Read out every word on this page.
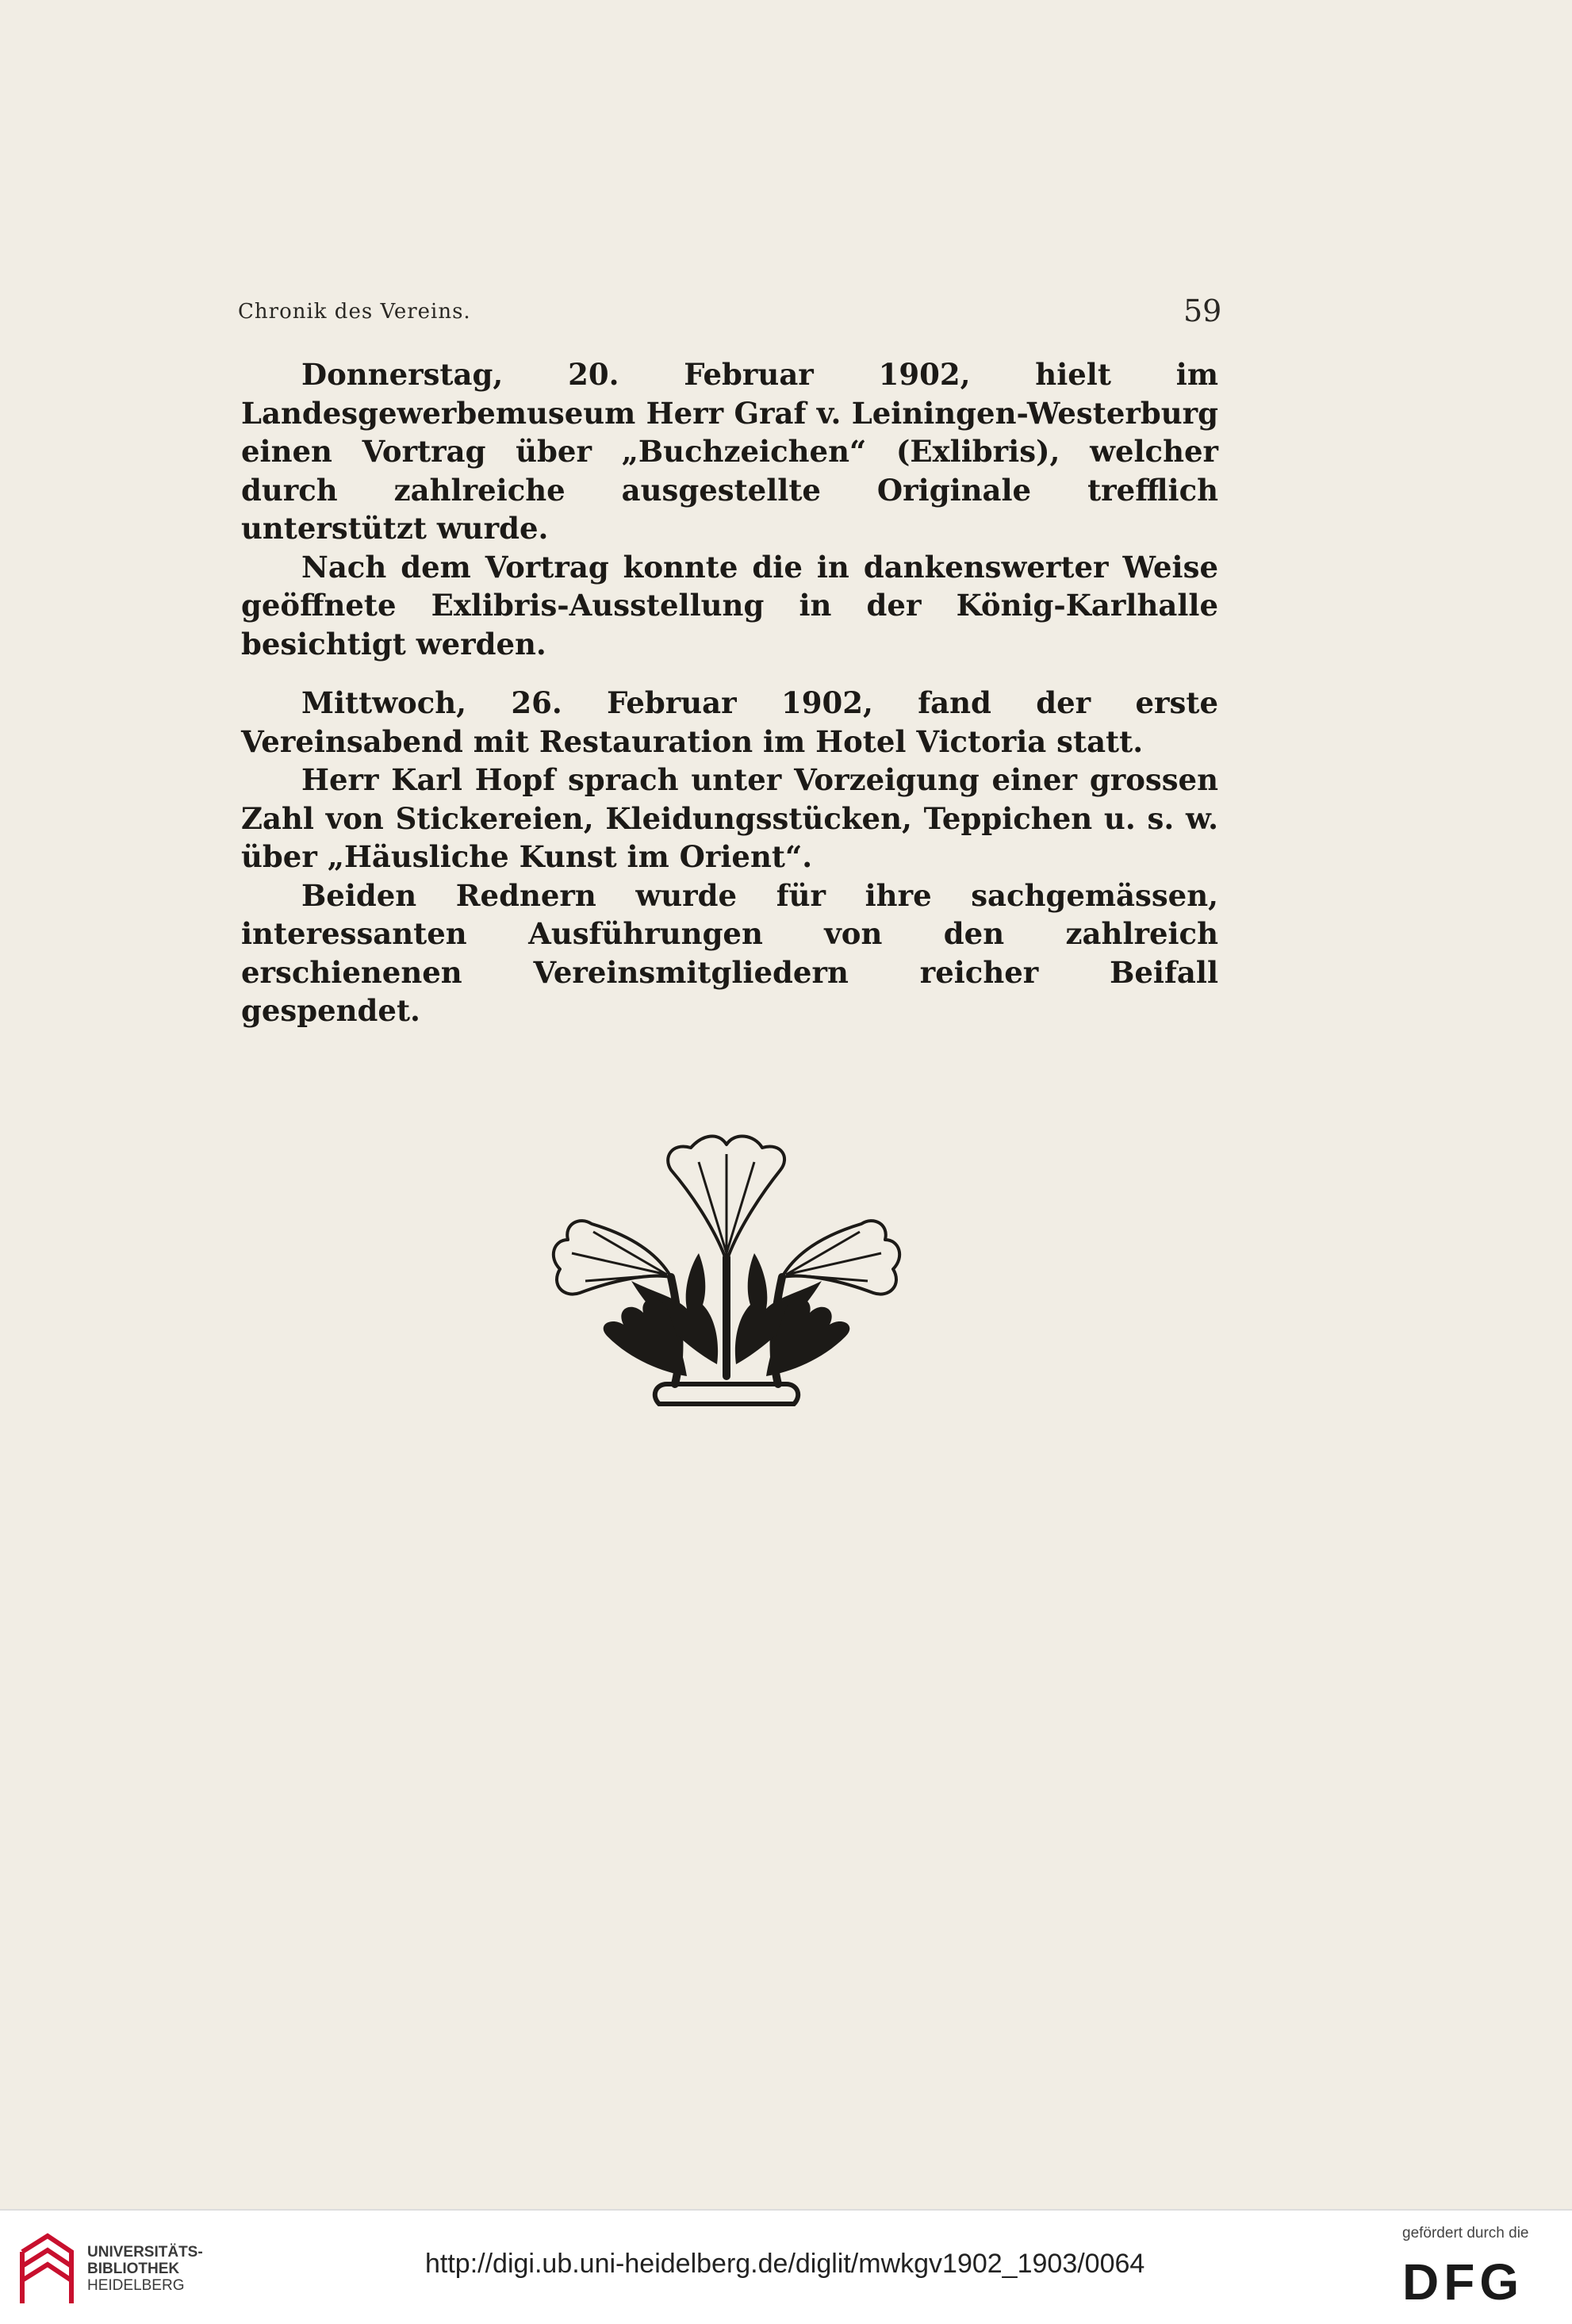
Chronik des Vereins.	59

Donnerstag, 20. Februar 1902, hielt im Landesgewerbemuseum Herr Graf v. Leiningen-Westerburg einen Vortrag über „Buchzeichen“ (Exlibris), welcher durch zahlreiche ausgestellte Originale trefflich unterstützt wurde.

Nach dem Vortrag konnte die in dankenswerter Weise geöffnete Exlibris-Ausstellung in der König-Karlhalle besichtigt werden.

Mittwoch, 26. Februar 1902, fand der erste Vereinsabend mit Restauration im Hotel Victoria statt.

Herr Karl Hopf sprach unter Vorzeigung einer grossen Zahl von Stickereien, Kleidungsstücken, Teppichen u. s. w. über „Häusliche Kunst im Orient“.

Beiden Rednern wurde für ihre sachgemässen, interessanten Ausführungen von den zahlreich erschienenen Vereinsmitgliedern reicher Beifall gespendet.

UNIVERSITÄTS-
BIBLIOTHEK
HEIDELBERG
http://digi.ub.uni-heidelberg.de/diglit/mwkgv1902_1903/0064
gefördert durch die
DFG
